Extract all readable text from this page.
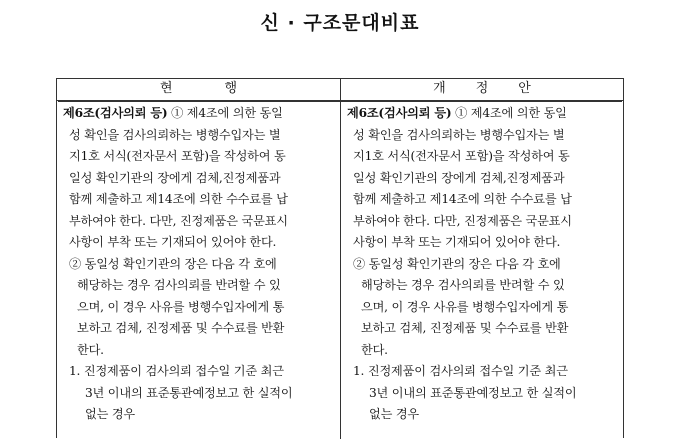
신 · 구조문대비표
현	행	개 정 안
제6조(검사의뢰 등) ① 제4조에 의한 동일
성 확인을 검사의뢰하는 병행수입자는 별
지1호 서식(전자문서 포함)을 작성하여 동
일성 확인기관의 장에게 검체,진정제품과
함께 제출하고 제14조에 의한 수수료를 납
부하여야 한다. 다만, 진정제품은 국문표시
사항이 부착 또는 기재되어 있어야 한다.
② 동일성 확인기관의 장은 다음 각 호에
해당하는 경우 검사의뢰를 반려할 수 있
으며, 이 경우 사유를 병행수입자에게 통
보하고 검체, 진정제품 및 수수료를 반환
한다.
1. 진정제품이 검사의뢰 접수일 기준 최근
3년 이내의 표준통관예정보고 한 실적이
없는 경우
제6조(검사의뢰 등) ① 제4조에 의한 동일
성 확인을 검사의뢰하는 병행수입자는 별
지1호 서식(전자문서 포함)을 작성하여 동
일성 확인기관의 장에게 검체,진정제품과
함께 제출하고 제14조에 의한 수수료를 납
부하여야 한다. 다만, 진정제품은 국문표시
사항이 부착 또는 기재되어 있어야 한다.
② 동일성 확인기관의 장은 다음 각 호에
해당하는 경우 검사의뢰를 반려할 수 있
으며, 이 경우 사유를 병행수입자에게 통
보하고 검체, 진정제품 및 수수료를 반환
한다.
1. 진정제품이 검사의뢰 접수일 기준 최근
3년 이내의 표준통관예정보고 한 실적이
없는 경우
